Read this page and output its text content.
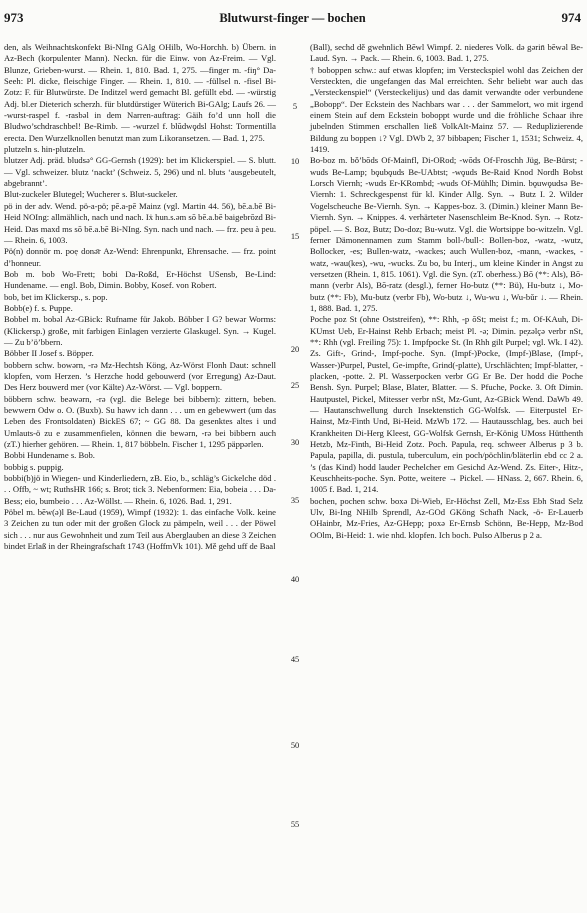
973	Blutwurst-finger — bochen	974

den, als Weihnachtskonfekt Bi-NIng GAlg OHilb, Wo-Horchh. b) Übern. in Az-Bech (korpulenter Mann). Neckn. für die Einw. von Az-Freim. — Vgl. Blunze, Grieben-wurst. — Rhein. 1, 810. Bad. 1, 275. —finger m. -fiŋ° Da-Seeh: Pl. dicke, fleischige Finger. — Rhein. 1, 810. — -füllsel n. -fisel Bi-Zotz: F. für Blutwürste. De Inditzel werd gemacht Bl. gefüllt ebd. — -würstig Adj. bl.er Dieterich scherzh. für blutdürstiger Wüterich Bi-GAlg; Laufs 26. — -wurst-raspel f. -rasbəl in dem Narren-auftrag: Gäih fo’d unn holl die Bludwo’schdraschbel! Be-Rimb. — -wurzel f. blūdwǫdsl Hohst: Tormentilla erecta. Den Wurzelknollen benutzt man zum Likoransetzen. — Bad. 1, 275.

plutzeln s. hin-plutzeln.

blutzer Adj. präd. bludsə° GG-Gernsh (1929): bet im Klickerspiel. — S. blutt. — Vgl. schweizer. blutz ‘nackt’ (Schweiz. 5, 296) und nl. bluts ‘ausgebeutelt, abgebrannt’.

Blut-zuckeler Blutegel; Wucherer s. Blut-suckeler.

pö in der adv. Wend. pö-a-pö; pē.a-pē Mainz (vgl. Martin 44. 56), bē.a.bē Bi-Heid NOIng: allmählich, nach und nach. Iẋ hun.s.əm sō bē.a.bē baigebrōzd Bi-Heid. Das maxd ms sō bē.a.bē Bi-NIng. Syn. nach und nach. — frz. peu à peu. — Rhein. 6, 1003.

Pö(n) donnör m. poẹ donə̄r Az-Wend: Ehrenpunkt, Ehrensache. — frz. point d’honneur.

Bob m. bob Wo-Frett; bobi Da-Roßd, Er-Höchst USensb, Be-Lind: Hundename. — engl. Bob, Dimin. Bobby, Kosef. von Robert.

bob, bet im Klickersp., s. pop.

Bobb(e) f. s. Puppe.

Bobbel m. bobəl Az-GBick: Rufname für Jakob. Böbber I G? bewər Worms: (Klickersp.) große, mit farbigen Einlagen verzierte Glaskugel. Syn. → Kugel. — Zu b’ö’bbern.

Böbber II Josef s. Böpper.

bobbern schw. bowərn, -rə Mz-Hechtsh Köng, Az-Wörst Flonh Daut: schnell klopfen, vom Herzen. ’s Herzche hodd gebouwerd (vor Erregung) Az-Daut. Des Herz bouwerd mer (vor Kälte) Az-Wörst. — Vgl. boppern.

böbbern schw. beəwərn, -rə (vgl. die Belege bei bibbern): zittern, beben. bewwern Odw o. O. (Buxb). Su hawv ich dann . . . um en gebewwert (um das Leben des Frontsoldaten) BickES 67; ~ GG 88. Da gesenktes altes i und Umlauts-ö zu e zusammenfielen, können die bewərn, -rə bei bibbern auch (zT.) hierher gehören. — Rhein. 1, 817 böbbeln. Fischer 1, 1295 päppərlen.

Bobbi Hundename s. Bob.

bobbig s. puppig.

bobbi(b)jö in Wiegen- und Kinderliedern, zB. Eio, b., schläg’s Gickelche död . . . Offb, ~ wt; RuthsHR 166; s. Brot; tick 3. Nebenformen: Eia, bobeia . . . Da-Bess; eio, bumbeio . . . Az-Wöllst. — Rhein. 6, 1026. Bad. 1, 291.

Pöbel m. bēw(ə)l Be-Laud (1959), Wimpf (1932): 1. das einfache Volk. keine 3 Zeichen zu tun oder mit der großen Glock zu pämpeln, weil . . . der Pöwel sich . . . nur aus Gewohnheit und zum Teil aus Aberglauben an diese 3 Zeichen bindet Erlaß in der Rheingrafschaft 1743 (HoffmVk 101). Mě gehd uff de Baal

5
10
15
20
25
30
35
40
45
50
55

(Ball), sechd dě gwehnlich Bēwl Wimpf. 2. niederes Volk. dǝ gərin̄ bēwǝl Be-Laud. Syn. → Pack. — Rhein. 6, 1003. Bad. 1, 275.

† boboppen schw.: auf etwas klopfen; im Versteckspiel wohl das Zeichen der Versteckten, die ungefangen das Mal erreichten. Sehr beliebt war auch das „Versteckenspiel“ (Versteckelijus) und das damit verwandte oder verbundene „Bobopp“. Der Eckstein des Nachbars war . . . der Sammelort, wo mit irgend einem Stein auf dem Eckstein boboppt wurde und die fröhliche Schaar ihre jubelnden Stimmen erschallen ließ VolkAlt-Mainz 57. — Reduplizierende Bildung zu boppen ↓? Vgl. DWb 2, 37 bibbapen; Fischer 1, 1531; Schweiz. 4, 1419.

Bo-boz m. bǒ’bōds Of-Mainfl, Di-ORod; -wōds Of-Froschh Jüg, Be-Bürst; -wuds Be-Lamp; bǫubǫuds Be-UAbtst; -wǫuds Be-Raid Knod Nordh Bobst Lorsch Viernh; -wuds Er-KRombd; -wuds Of-Mühlh; Dimin. bǫuwǫudsǝ Be-Viernh: 1. Schreckgespenst für kl. Kinder Allg. Syn. → Butz I. 2. Wilder Vogelscheuche Be-Viernh. Syn. → Kappes-boz. 3. (Dimin.) kleiner Mann Be-Viernh. Syn. → Knippes. 4. verhärteter Nasenschleim Be-Knod. Syn. → Rotz-pöpel. — S. Boz, Butz; Do-doz; Bu-wutz. Vgl. die Wortsippe bo-witzeln. Vgl. ferner Dämonennamen zum Stamm boll-/bull-: Bollen-boz, -watz, -wutz, Bollocker, -es; Bullen-watz, -wackes; auch Wullen-boz, -mann, -wackes, -watz, -wau(kes), -wu, -wucks. Zu bo, bu Interj., um kleine Kinder in Angst zu versetzen (Rhein. 1, 815. 1061). Vgl. die Syn. (zT. oberhess.) Bō (**: Als), Bō-mann (verbr Als), Bō-ratz (desgl.), ferner Ho-butz (**: Bü), Hu-butz ↓, Mo-butz (**: Fb), Mu-butz (verbr Fb), Wo-butz ↓, Wu-wu ↓, Wu-bǔr ↓. — Rhein. 1, 888. Bad. 1, 275.

Poche poz St (ohne Oststreifen), **: Rhh, -p ōSt; meist f.; m. Of-KAuh, Di-KUmst Ueb, Er-Hainst Rehb Erbach; meist Pl. -ə; Dimin. pe̜zəlçə verbr nSt, **: Rhh (vgl. Freiling 75): 1. Impfpocke St. (In Rhh gilt Purpel; vgl. Wk. I 42). Zs. Gift-, Grind-, Impf-poche. Syn. (Impf-)Pocke, (Impf-)Blase, (Impf-, Wasser-)Purpel, Pustel, Ge-impfte, Grind(-platte), Urschlächten; Impf-blatter, -placken, -potte. 2. Pl. Wasserpocken verbr GG Er Be. Der hodd die Poche Bensh. Syn. Purpel; Blase, Blater, Blatter. — S. Pfuche, Pocke. 3. Oft Dimin. Hautpustel, Pickel, Mitesser verbr nSt, Mz-Gunt, Az-GBick Wend. DaWb 49. — Hautanschwellung durch Insektenstich GG-Wolfsk. — Eiterpustel Er-Hainst, Mz-Finth Und, Bi-Heid. MzWb 172. — Hautausschlag, bes. auch bei Krankheiten Di-Herg Kleest, GG-Wolfsk Gernsh, Er-König UMoss Hütthenth Hetzb, Mz-Finth, Bi-Heid Zotz. Poch. Papula, req. schweer Alberus p 3 b. Papula, papilla, di. pustula, tuberculum, ein poch/pöchlin/bläterlin ebd cc 2 a. ’s (das Kind) hodd lauder Pechelcher em Gesichd Az-Wend. Zs. Eiter-, Hitz-, Keuschheits-poche. Syn. Potte, weitere → Pickel. — HNass. 2, 667. Rhein. 6, 1005 f. Bad. 1, 214.

bochen, pochen schw. boxə Di-Wieb, Er-Höchst Zell, Mz-Ess Ebh Stad Selz Ulv, Bi-Ing NHilb Sprendl, Az-GOd GKöng Schafh Nack, -ö- Er-Lauerb OHainbr, Mz-Fries, Az-GHepp; poxə Er-Ernsb Schönn, Be-Hepp, Mz-Bod OOlm, Bi-Heid: 1. wie nhd. klopfen. Ich boch. Pulso Alberus p 2 a.
